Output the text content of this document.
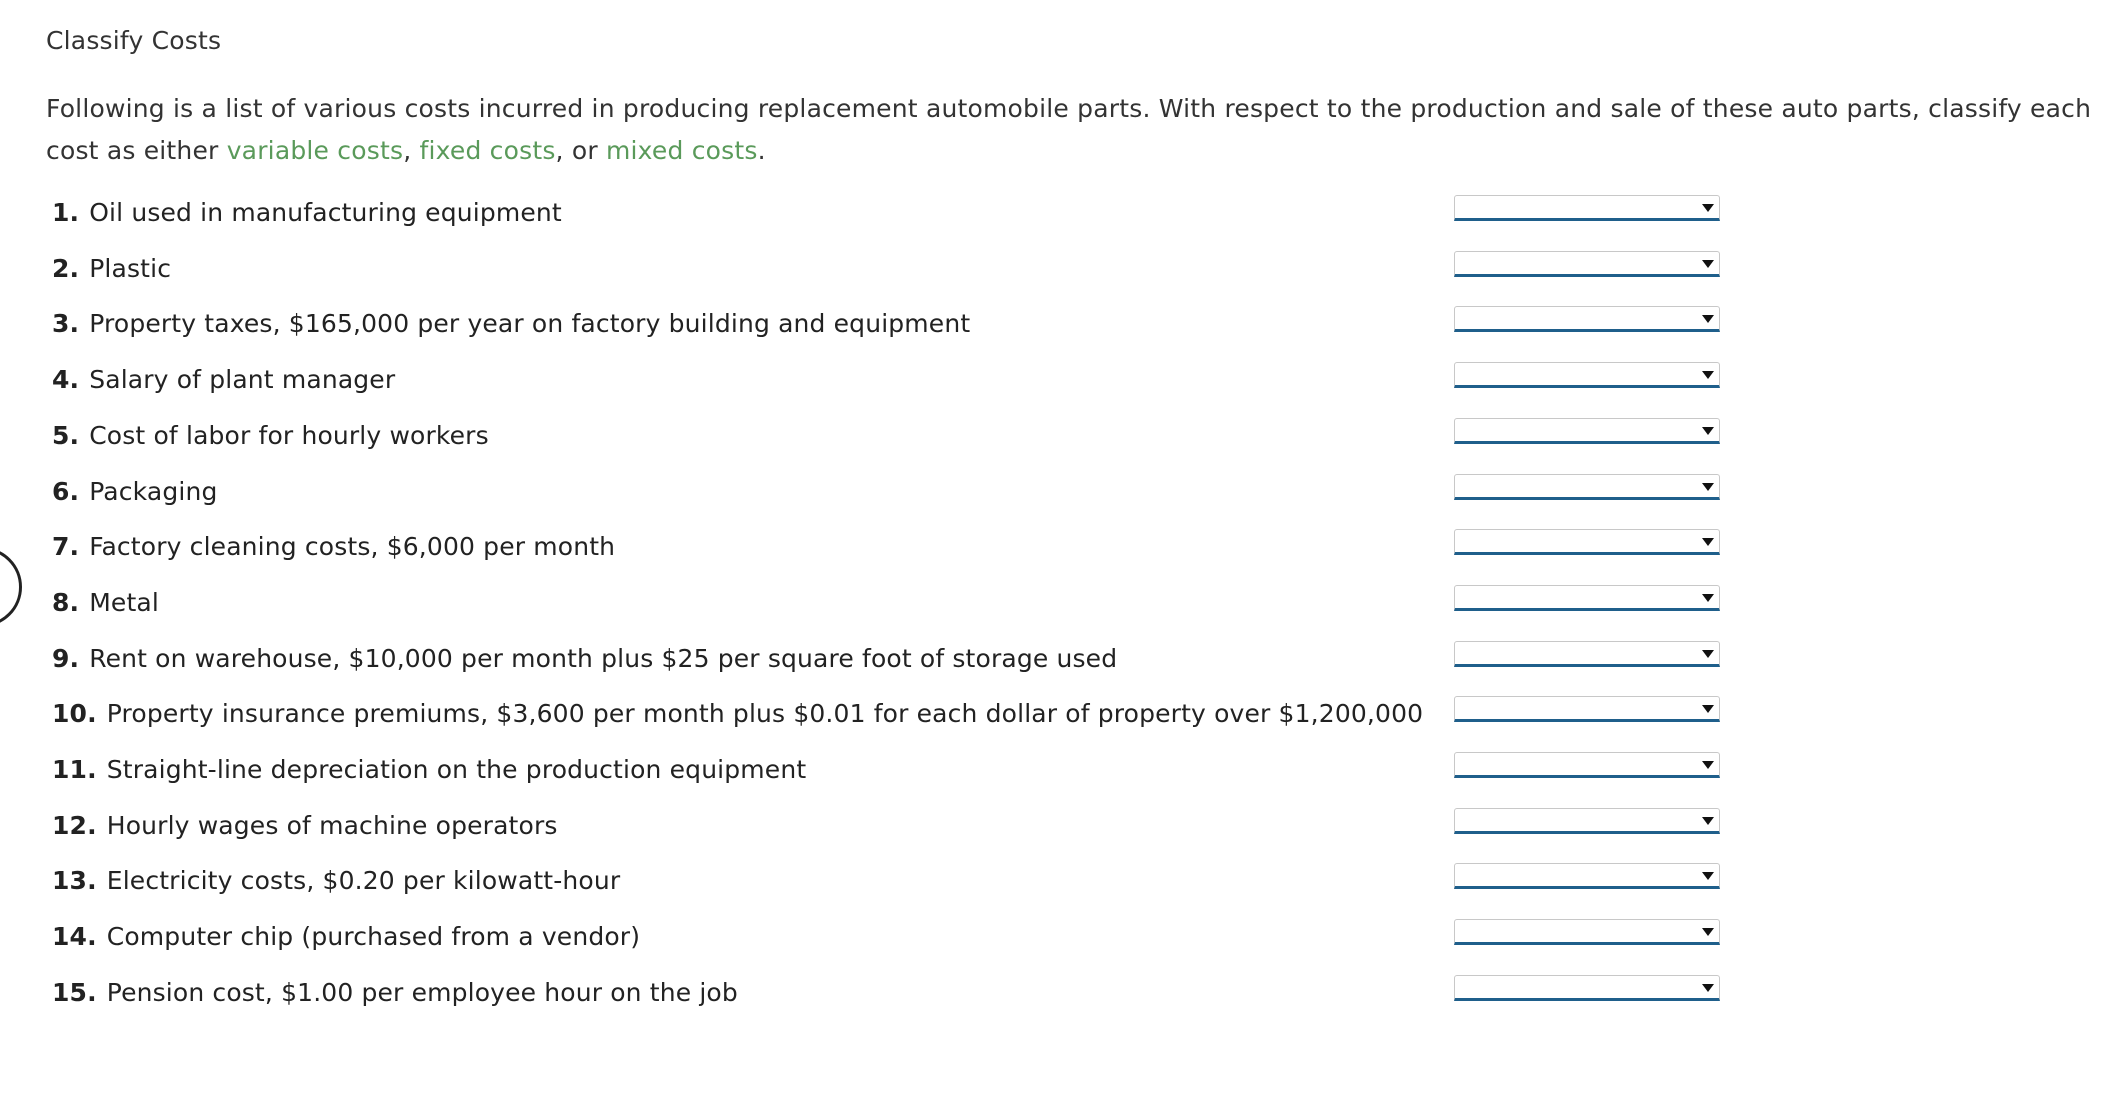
Classify Costs
Following is a list of various costs incurred in producing replacement automobile parts. With respect to the production and sale of these auto parts, classify each cost as either variable costs, fixed costs, or mixed costs.
1. Oil used in manufacturing equipment
2. Plastic
3. Property taxes, $165,000 per year on factory building and equipment
4. Salary of plant manager
5. Cost of labor for hourly workers
6. Packaging
7. Factory cleaning costs, $6,000 per month
8. Metal
9. Rent on warehouse, $10,000 per month plus $25 per square foot of storage used
10. Property insurance premiums, $3,600 per month plus $0.01 for each dollar of property over $1,200,000
11. Straight-line depreciation on the production equipment
12. Hourly wages of machine operators
13. Electricity costs, $0.20 per kilowatt-hour
14. Computer chip (purchased from a vendor)
15. Pension cost, $1.00 per employee hour on the job
